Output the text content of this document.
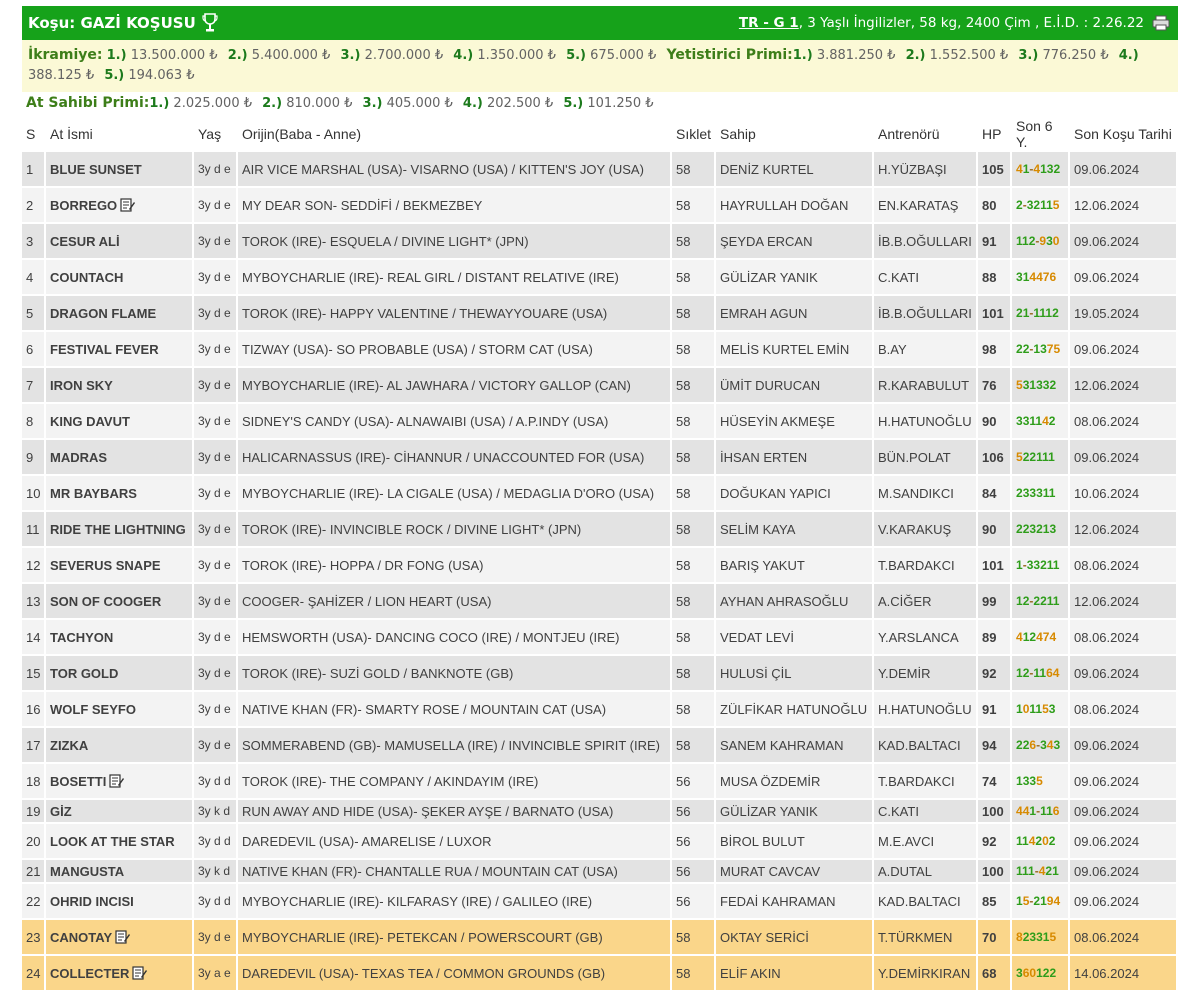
Koşu: GAZİ KOŞUSU	TR - G 1 , 3 Yaşlı İngilizler, 58 kg, 2400 Çim , E.İ.D. : 2.26.22
İkramiye: 1.) 13.500.000 ₺ 2.) 5.400.000 ₺ 3.) 2.700.000 ₺ 4.) 1.350.000 ₺ 5.) 675.000 ₺ Yetistirici Primi:1.) 3.881.250 ₺ 2.) 1.552.500 ₺ 3.) 776.250 ₺ 4.) 388.125 ₺ 5.) 194.063 ₺
At Sahibi Primi:1.) 2.025.000 ₺ 2.) 810.000 ₺ 3.) 405.000 ₺ 4.) 202.500 ₺ 5.) 101.250 ₺
S	At İsmi	Yaş	Orijin(Baba - Anne)	Sıklet	Sahip	Antrenörü	HP	Son 6 Y.	Son Koşu Tarihi
1	BLUE SUNSET	3y d e	AIR VICE MARSHAL (USA)- VISARNO (USA) / KITTEN'S JOY (USA)	58	DENİZ KURTEL	H.YÜZBAŞI	105	41-4132	09.06.2024
2	BORREGO	3y d e	MY DEAR SON- SEDDİFİ / BEKMEZBEY	58	HAYRULLAH DOĞAN	EN.KARATAŞ	80	2-32115	12.06.2024
3	CESUR ALİ	3y d e	TOROK (IRE)- ESQUELA / DIVINE LIGHT* (JPN)	58	ŞEYDA ERCAN	İB.B.OĞULLARI	91	112-930	09.06.2024
4	COUNTACH	3y d e	MYBOYCHARLIE (IRE)- REAL GIRL / DISTANT RELATIVE (IRE)	58	GÜLİZAR YANIK	C.KATI	88	314476	09.06.2024
5	DRAGON FLAME	3y d e	TOROK (IRE)- HAPPY VALENTINE / THEWAYYOUARE (USA)	58	EMRAH AGUN	İB.B.OĞULLARI	101	21-1112	19.05.2024
6	FESTIVAL FEVER	3y d e	TIZWAY (USA)- SO PROBABLE (USA) / STORM CAT (USA)	58	MELİS KURTEL EMİN	B.AY	98	22-1375	09.06.2024
7	IRON SKY	3y d e	MYBOYCHARLIE (IRE)- AL JAWHARA / VICTORY GALLOP (CAN)	58	ÜMİT DURUCAN	R.KARABULUT	76	531332	12.06.2024
8	KING DAVUT	3y d e	SIDNEY'S CANDY (USA)- ALNAWAIBI (USA) / A.P.INDY (USA)	58	HÜSEYİN AKMEŞE	H.HATUNOĞLU	90	331142	08.06.2024
9	MADRAS	3y d e	HALICARNASSUS (IRE)- CİHANNUR / UNACCOUNTED FOR (USA)	58	İHSAN ERTEN	BÜN.POLAT	106	522111	09.06.2024
10	MR BAYBARS	3y d e	MYBOYCHARLIE (IRE)- LA CIGALE (USA) / MEDAGLIA D'ORO (USA)	58	DOĞUKAN YAPICI	M.SANDIKCI	84	233311	10.06.2024
11	RIDE THE LIGHTNING	3y d e	TOROK (IRE)- INVINCIBLE ROCK / DIVINE LIGHT* (JPN)	58	SELİM KAYA	V.KARAKUŞ	90	223213	12.06.2024
12	SEVERUS SNAPE	3y d e	TOROK (IRE)- HOPPA / DR FONG (USA)	58	BARIŞ YAKUT	T.BARDAKCI	101	1-33211	08.06.2024
13	SON OF COOGER	3y d e	COOGER- ŞAHİZER / LION HEART (USA)	58	AYHAN AHRASOĞLU	A.CİĞER	99	12-2211	12.06.2024
14	TACHYON	3y d e	HEMSWORTH (USA)- DANCING COCO (IRE) / MONTJEU (IRE)	58	VEDAT LEVİ	Y.ARSLANCA	89	412474	08.06.2024
15	TOR GOLD	3y d e	TOROK (IRE)- SUZİ GOLD / BANKNOTE (GB)	58	HULUSİ ÇİL	Y.DEMİR	92	12-1164	09.06.2024
16	WOLF SEYFO	3y d e	NATIVE KHAN (FR)- SMARTY ROSE / MOUNTAIN CAT (USA)	58	ZÜLFİKAR HATUNOĞLU	H.HATUNOĞLU	91	101153	08.06.2024
17	ZIZKA	3y d e	SOMMERABEND (GB)- MAMUSELLA (IRE) / INVINCIBLE SPIRIT (IRE)	58	SANEM KAHRAMAN	KAD.BALTACI	94	226-343	09.06.2024
18	BOSETTI	3y d d	TOROK (IRE)- THE COMPANY / AKINDAYIM (IRE)	56	MUSA ÖZDEMİR	T.BARDAKCI	74	1335	09.06.2024
19	GİZ	3y k d	RUN AWAY AND HIDE (USA)- ŞEKER AYŞE / BARNATO (USA)	56	GÜLİZAR YANIK	C.KATI	100	441-116	09.06.2024
20	LOOK AT THE STAR	3y d d	DAREDEVIL (USA)- AMARELISE / LUXOR	56	BİROL BULUT	M.E.AVCI	92	114202	09.06.2024
21	MANGUSTA	3y k d	NATIVE KHAN (FR)- CHANTALLE RUA / MOUNTAIN CAT (USA)	56	MURAT CAVCAV	A.DUTAL	100	111-421	09.06.2024
22	OHRID INCISI	3y d d	MYBOYCHARLIE (IRE)- KILFARASY (IRE) / GALILEO (IRE)	56	FEDAİ KAHRAMAN	KAD.BALTACI	85	15-2194	09.06.2024
23	CANOTAY	3y d e	MYBOYCHARLIE (IRE)- PETEKCAN / POWERSCOURT (GB)	58	OKTAY SERİCİ	T.TÜRKMEN	70	823315	08.06.2024
24	COLLECTER	3y a e	DAREDEVIL (USA)- TEXAS TEA / COMMON GROUNDS (GB)	58	ELİF AKIN	Y.DEMİRKIRAN	68	360122	14.06.2024
